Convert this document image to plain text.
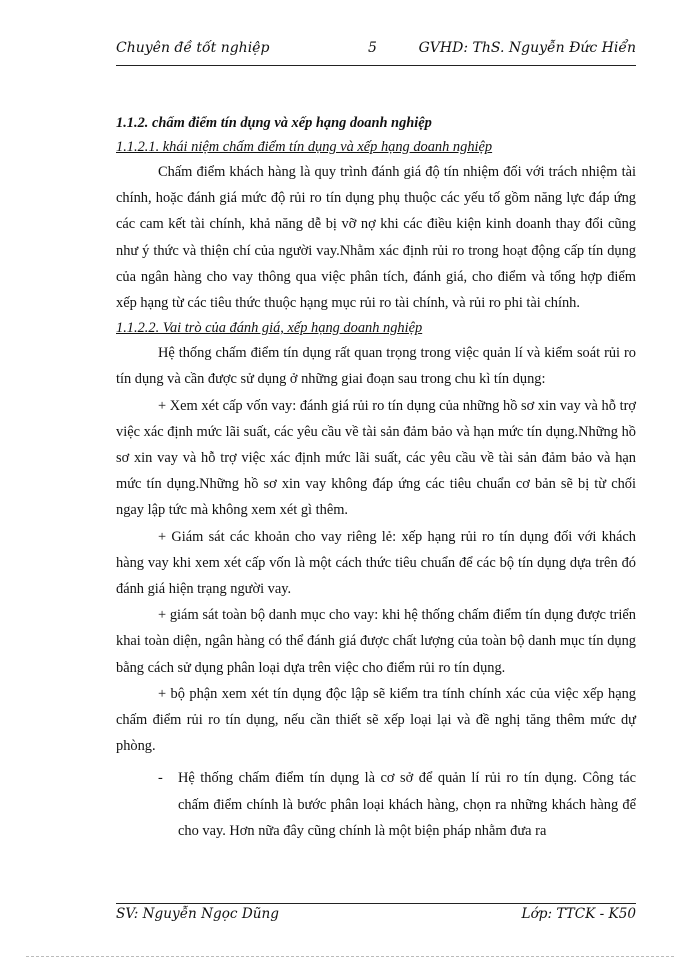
Chuyên đề tốt nghiệp	5	GVHD: ThS. Nguyễn Đức Hiển
1.1.2. chấm điểm tín dụng và xếp hạng doanh nghiệp
1.1.2.1. khái niệm chấm điểm tín dụng và xếp hạng doanh nghiệp

Chấm điểm khách hàng là quy trình đánh giá độ tín nhiệm đối với trách nhiệm tài chính, hoặc đánh giá mức độ rủi ro tín dụng phụ thuộc các yếu tố gồm năng lực đáp ứng các cam kết tài chính, khả năng dễ bị vỡ nợ khi các điều kiện kinh doanh thay đổi cũng như ý thức và thiện chí của người vay.Nhằm xác định rủi ro trong hoạt động cấp tín dụng của ngân hàng cho vay thông qua việc phân tích, đánh giá, cho điểm và tổng hợp điểm xếp hạng từ các tiêu thức thuộc hạng mục rủi ro tài chính, và rủi ro phi tài chính.

1.1.2.2. Vai trò của đánh giá, xếp hạng doanh nghiệp

Hệ thống chấm điểm tín dụng rất quan trọng trong việc quản lí và kiểm soát rủi ro tín dụng và cần được sử dụng ở những giai đoạn sau trong chu kì tín dụng:

+ Xem xét cấp vốn vay: đánh giá rủi ro tín dụng của những hồ sơ xin vay và hỗ trợ việc xác định mức lãi suất, các yêu cầu về tài sản đảm bảo và hạn mức tín dụng.Những hồ sơ xin vay và hỗ trợ việc xác định mức lãi suất, các yêu cầu về tài sản đảm bảo và hạn mức tín dụng.Những hồ sơ xin vay không đáp ứng các tiêu chuẩn cơ bản sẽ bị từ chối ngay lập tức mà không xem xét gì thêm.

+ Giám sát các khoản cho vay riêng lẻ: xếp hạng rủi ro tín dụng đối với khách hàng vay khi xem xét cấp vốn là một cách thức tiêu chuẩn để các bộ tín dụng dựa trên đó đánh giá hiện trạng người vay.

+ giám sát toàn bộ danh mục cho vay: khi hệ thống chấm điểm tín dụng được triển khai toàn diện, ngân hàng có thể đánh giá được chất lượng của toàn bộ danh mục tín dụng bằng cách sử dụng phân loại dựa trên việc cho điểm rủi ro tín dụng.

+ bộ phận xem xét tín dụng độc lập sẽ kiểm tra tính chính xác của việc xếp hạng chấm điểm rủi ro tín dụng, nếu cần thiết sẽ xếp loại lại và đề nghị tăng thêm mức dự phòng.

- Hệ thống chấm điểm tín dụng là cơ sở để quản lí rủi ro tín dụng. Công tác chấm điểm chính là bước phân loại khách hàng, chọn ra những khách hàng để cho vay. Hơn nữa đây cũng chính là một biện pháp nhằm đưa ra
SV: Nguyễn Ngọc Dũng	Lớp: TTCK - K50
